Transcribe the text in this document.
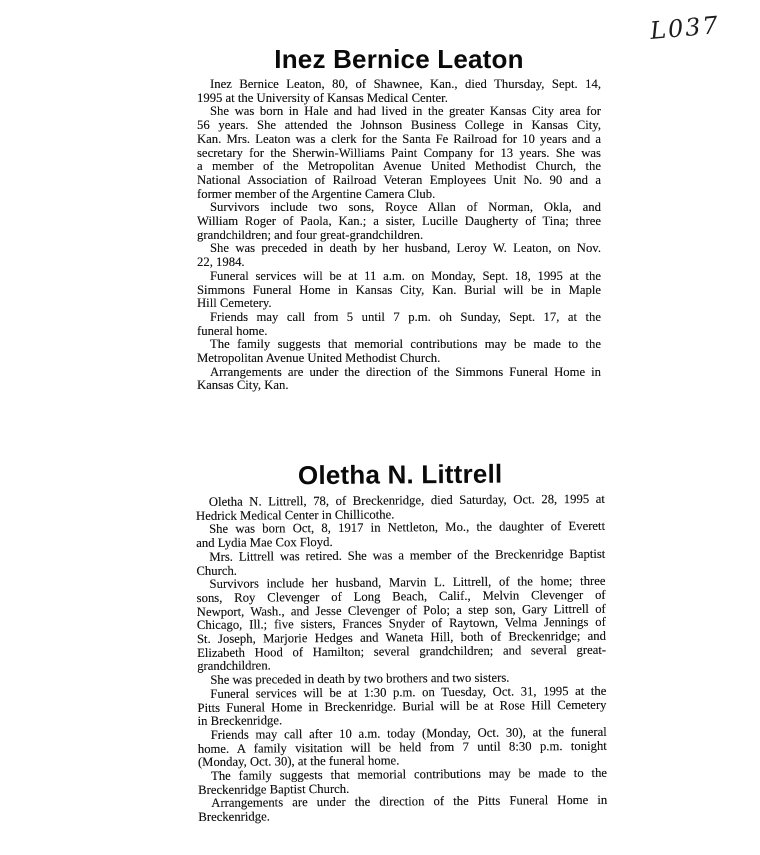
L037
Inez Bernice Leaton
Inez Bernice Leaton, 80, of Shawnee, Kan., died Thursday, Sept. 14,
1995 at the University of Kansas Medical Center.
She was born in Hale and had lived in the greater Kansas City area for
56 years. She attended the Johnson Business College in Kansas City,
Kan. Mrs. Leaton was a clerk for the Santa Fe Railroad for 10 years and a
secretary for the Sherwin-Williams Paint Company for 13 years. She was
a member of the Metropolitan Avenue United Methodist Church, the
National Association of Railroad Veteran Employees Unit No. 90 and a
former member of the Argentine Camera Club.
Survivors include two sons, Royce Allan of Norman, Okla, and
William Roger of Paola, Kan.; a sister, Lucille Daugherty of Tina; three
grandchildren; and four great-grandchildren.
She was preceded in death by her husband, Leroy W. Leaton, on Nov.
22, 1984.
Funeral services will be at 11 a.m. on Monday, Sept. 18, 1995 at the
Simmons Funeral Home in Kansas City, Kan. Burial will be in Maple
Hill Cemetery.
Friends may call from 5 until 7 p.m. oh Sunday, Sept. 17, at the
funeral home.
The family suggests that memorial contributions may be made to the
Metropolitan Avenue United Methodist Church.
Arrangements are under the direction of the Simmons Funeral Home in
Kansas City, Kan.
Oletha N. Littrell
Oletha N. Littrell, 78, of Breckenridge, died Saturday, Oct. 28, 1995 at
Hedrick Medical Center in Chillicothe.
She was born Oct, 8, 1917 in Nettleton, Mo., the daughter of Everett
and Lydia Mae Cox Floyd.
Mrs. Littrell was retired. She was a member of the Breckenridge Baptist
Church.
Survivors include her husband, Marvin L. Littrell, of the home; three
sons, Roy Clevenger of Long Beach, Calif., Melvin Clevenger of
Newport, Wash., and Jesse Clevenger of Polo; a step son, Gary Littrell of
Chicago, Ill.; five sisters, Frances Snyder of Raytown, Velma Jennings of
St. Joseph, Marjorie Hedges and Waneta Hill, both of Breckenridge; and
Elizabeth Hood of Hamilton; several grandchildren; and several great-
grandchildren.
She was preceded in death by two brothers and two sisters.
Funeral services will be at 1:30 p.m. on Tuesday, Oct. 31, 1995 at the
Pitts Funeral Home in Breckenridge. Burial will be at Rose Hill Cemetery
in Breckenridge.
Friends may call after 10 a.m. today (Monday, Oct. 30), at the funeral
home. A family visitation will be held from 7 until 8:30 p.m. tonight
(Monday, Oct. 30), at the funeral home.
The family suggests that memorial contributions may be made to the
Breckenridge Baptist Church.
Arrangements are under the direction of the Pitts Funeral Home in
Breckenridge.
